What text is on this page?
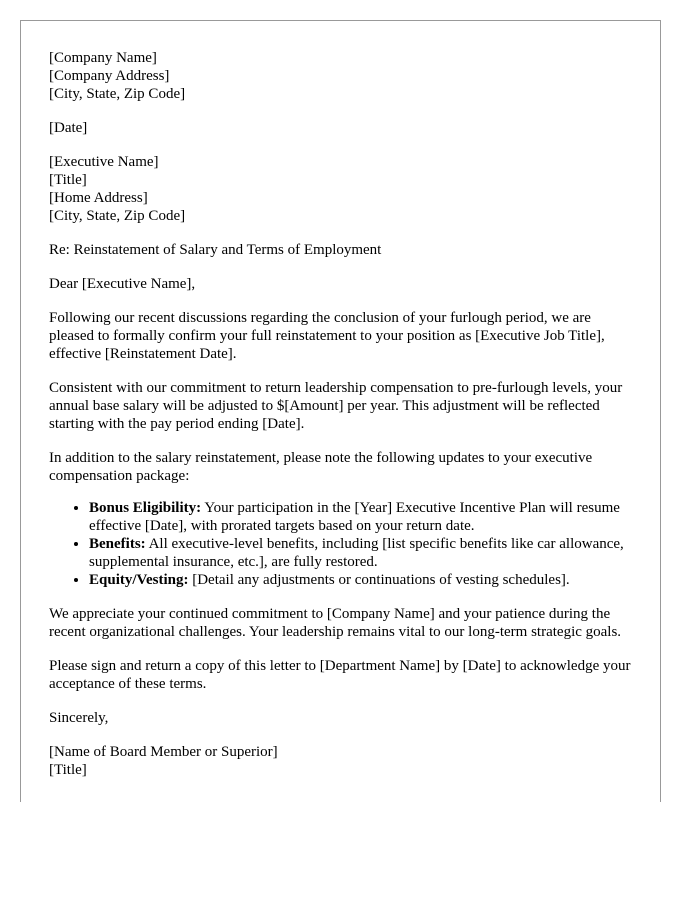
[Company Name]
[Company Address]
[City, State, Zip Code]

[Date]

[Executive Name]
[Title]
[Home Address]
[City, State, Zip Code]

Re: Reinstatement of Salary and Terms of Employment

Dear [Executive Name],

Following our recent discussions regarding the conclusion of your furlough period, we are pleased to formally confirm your full reinstatement to your position as [Executive Job Title], effective [Reinstatement Date].

Consistent with our commitment to return leadership compensation to pre-furlough levels, your annual base salary will be adjusted to $[Amount] per year. This adjustment will be reflected starting with the pay period ending [Date].

In addition to the salary reinstatement, please note the following updates to your executive compensation package:

• Bonus Eligibility: Your participation in the [Year] Executive Incentive Plan will resume effective [Date], with prorated targets based on your return date.
• Benefits: All executive-level benefits, including [list specific benefits like car allowance, supplemental insurance, etc.], are fully restored.
• Equity/Vesting: [Detail any adjustments or continuations of vesting schedules].

We appreciate your continued commitment to [Company Name] and your patience during the recent organizational challenges. Your leadership remains vital to our long-term strategic goals.

Please sign and return a copy of this letter to [Department Name] by [Date] to acknowledge your acceptance of these terms.

Sincerely,

[Name of Board Member or Superior]
[Title]
